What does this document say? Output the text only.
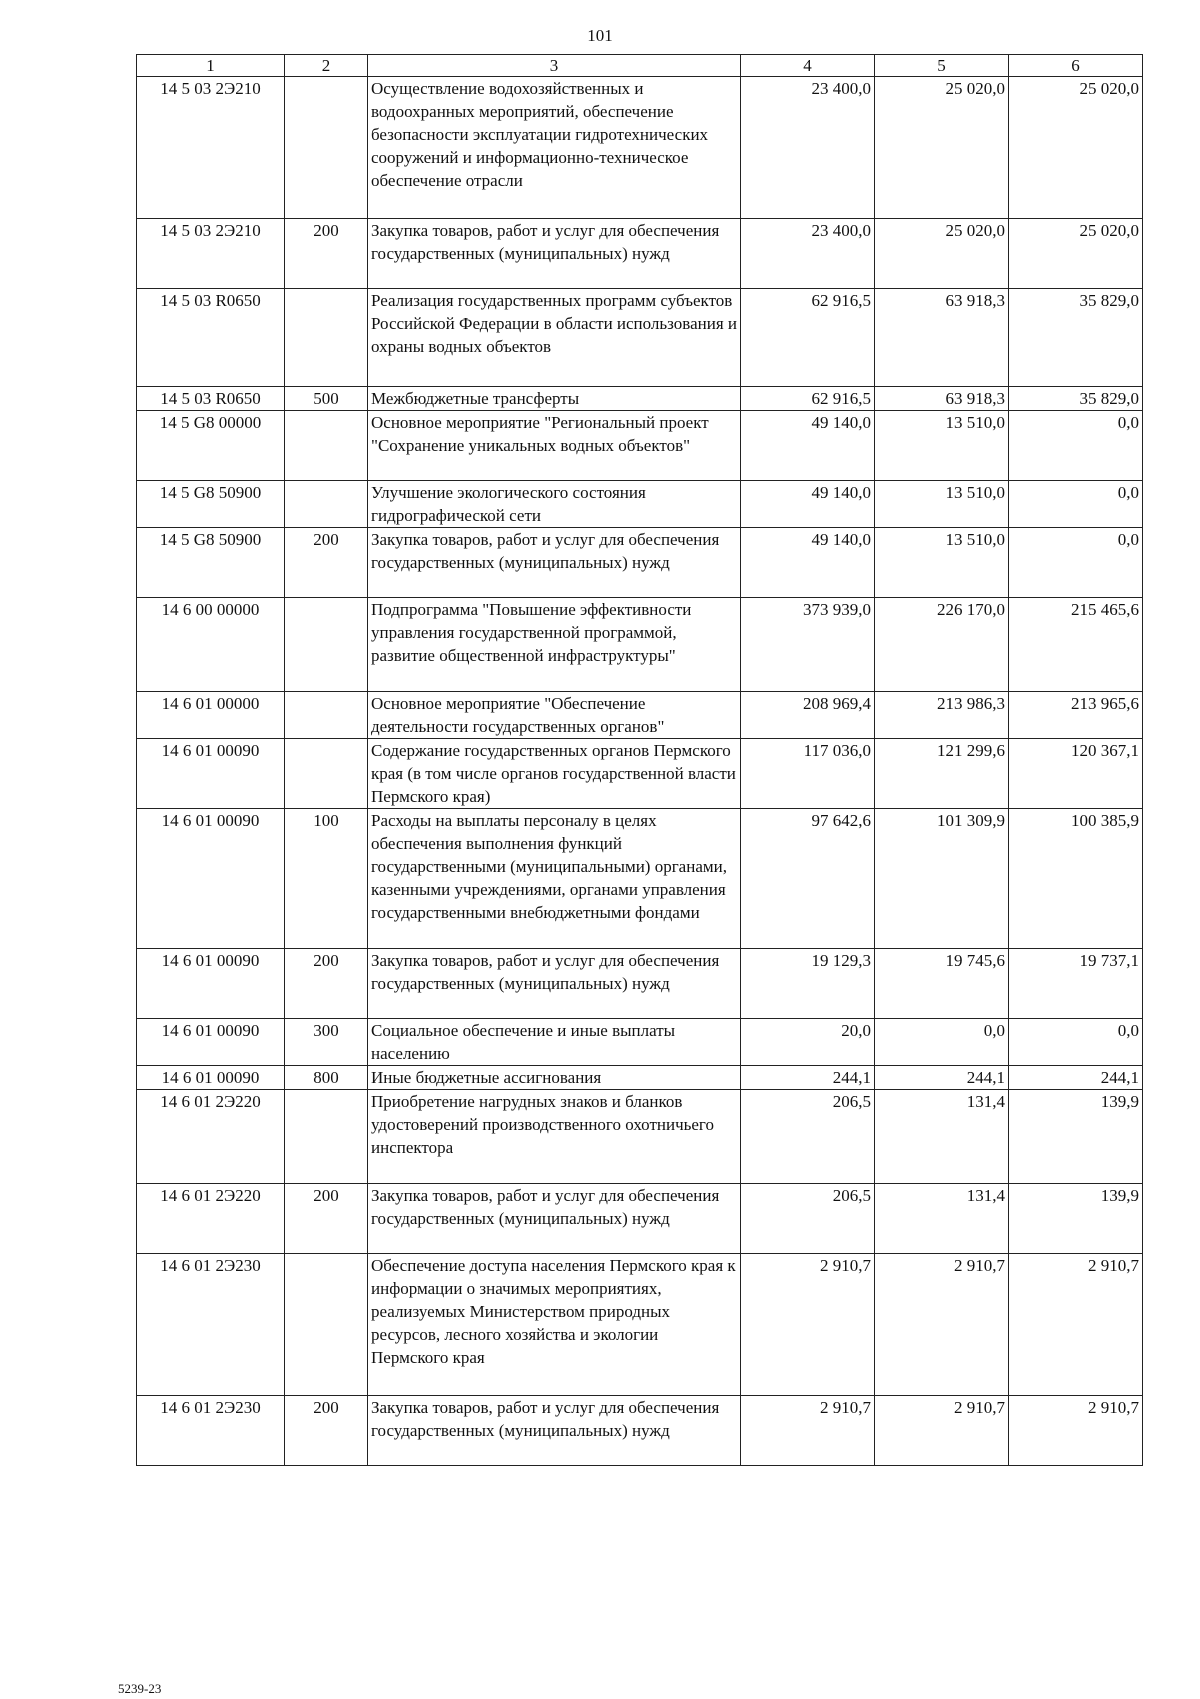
101
1	2	3	4	5	6
14 5 03 2Э210		Осуществление водохозяйственных и водоохранных мероприятий, обеспечение безопасности эксплуатации гидротехнических сооружений и информационно-техническое обеспечение отрасли	23 400,0	25 020,0	25 020,0
14 5 03 2Э210	200	Закупка товаров, работ и услуг для обеспечения государственных (муниципальных) нужд	23 400,0	25 020,0	25 020,0
14 5 03 R0650		Реализация государственных программ субъектов Российской Федерации в области использования и охраны водных объектов	62 916,5	63 918,3	35 829,0
14 5 03 R0650	500	Межбюджетные трансферты	62 916,5	63 918,3	35 829,0
14 5 G8 00000		Основное мероприятие "Региональный проект "Сохранение уникальных водных объектов"	49 140,0	13 510,0	0,0
14 5 G8 50900		Улучшение экологического состояния гидрографической сети	49 140,0	13 510,0	0,0
14 5 G8 50900	200	Закупка товаров, работ и услуг для обеспечения государственных (муниципальных) нужд	49 140,0	13 510,0	0,0
14 6 00 00000		Подпрограмма "Повышение эффективности управления государственной программой, развитие общественной инфраструктуры"	373 939,0	226 170,0	215 465,6
14 6 01 00000		Основное мероприятие "Обеспечение деятельности государственных органов"	208 969,4	213 986,3	213 965,6
14 6 01 00090		Содержание государственных органов Пермского края (в том числе органов государственной власти Пермского края)	117 036,0	121 299,6	120 367,1
14 6 01 00090	100	Расходы на выплаты персоналу в целях обеспечения выполнения функций государственными (муниципальными) органами, казенными учреждениями, органами управления государственными внебюджетными фондами	97 642,6	101 309,9	100 385,9
14 6 01 00090	200	Закупка товаров, работ и услуг для обеспечения государственных (муниципальных) нужд	19 129,3	19 745,6	19 737,1
14 6 01 00090	300	Социальное обеспечение и иные выплаты населению	20,0	0,0	0,0
14 6 01 00090	800	Иные бюджетные ассигнования	244,1	244,1	244,1
14 6 01 2Э220		Приобретение нагрудных знаков и бланков удостоверений производственного охотничьего инспектора	206,5	131,4	139,9
14 6 01 2Э220	200	Закупка товаров, работ и услуг для обеспечения государственных (муниципальных) нужд	206,5	131,4	139,9
14 6 01 2Э230		Обеспечение доступа населения Пермского края к информации о значимых мероприятиях, реализуемых Министерством природных ресурсов, лесного хозяйства и экологии Пермского края	2 910,7	2 910,7	2 910,7
14 6 01 2Э230	200	Закупка товаров, работ и услуг для обеспечения государственных (муниципальных) нужд	2 910,7	2 910,7	2 910,7
5239-23
